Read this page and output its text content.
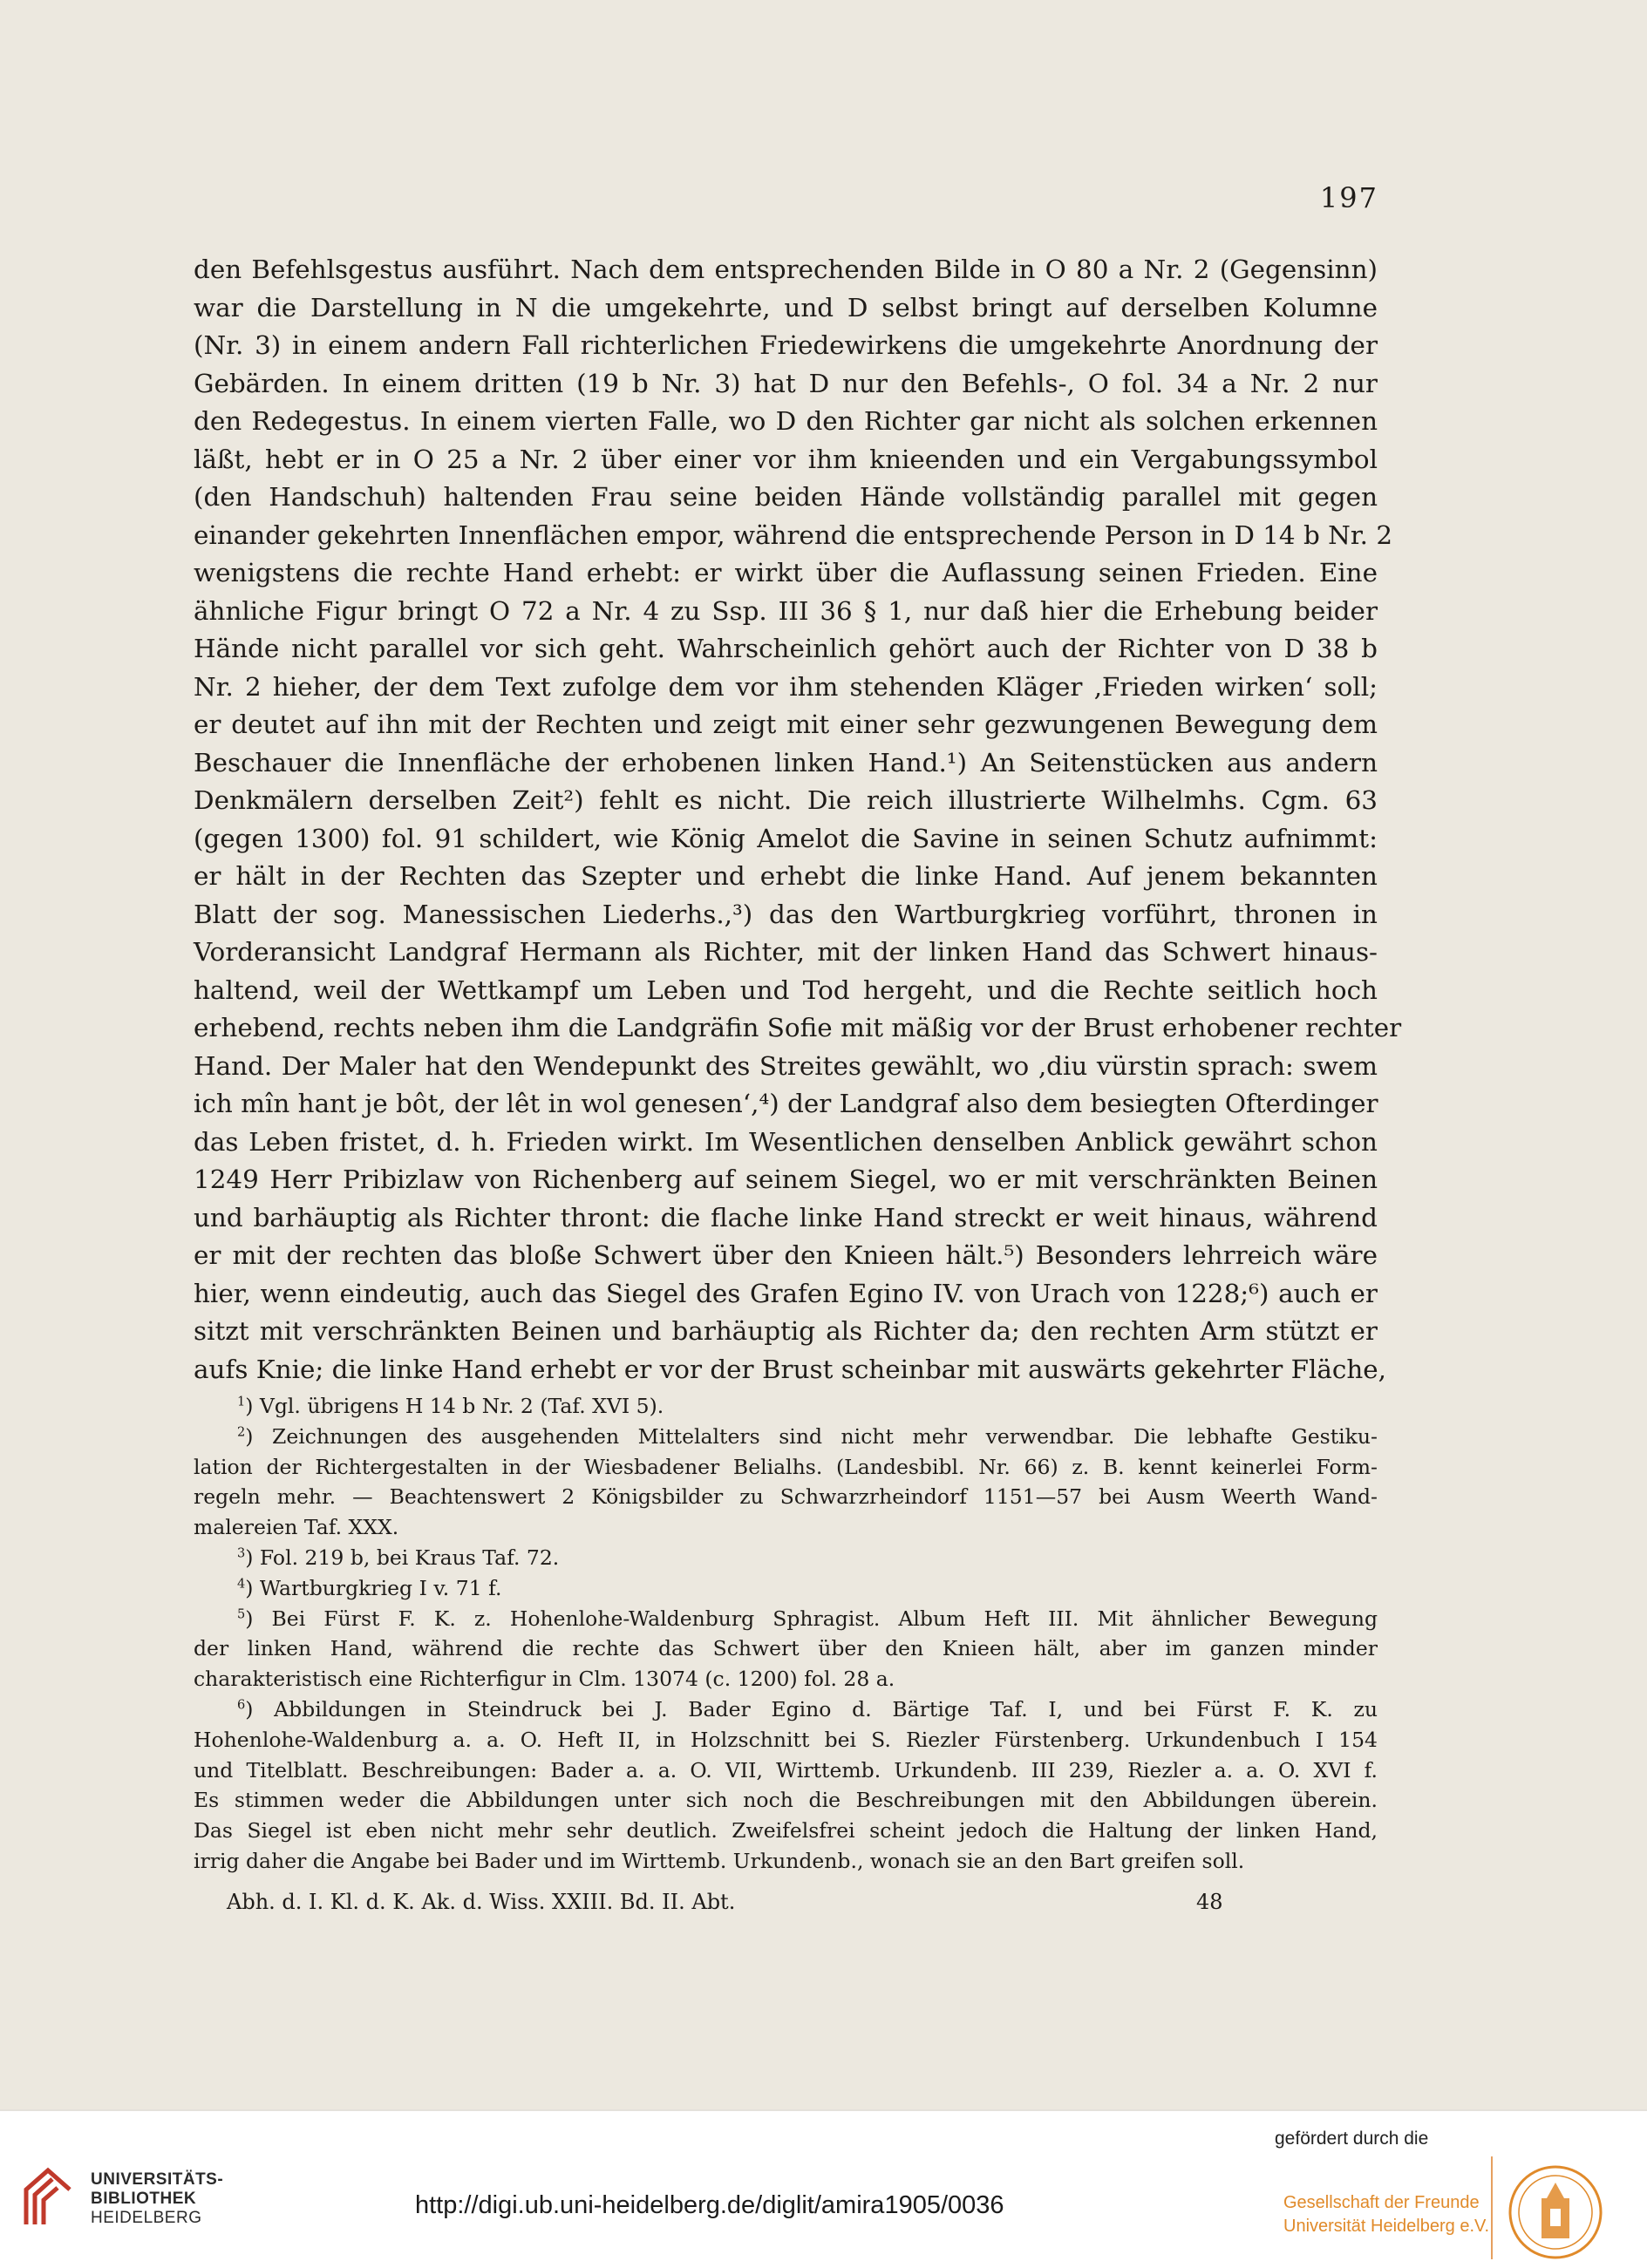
197
den Befehlsgestus ausführt. Nach dem entsprechenden Bilde in O 80 a Nr. 2 (Gegensinn)
war die Darstellung in N die umgekehrte, und D selbst bringt auf derselben Kolumne
(Nr. 3) in einem andern Fall richterlichen Friedewirkens die umgekehrte Anordnung der
Gebärden. In einem dritten (19 b Nr. 3) hat D nur den Befehls-, O fol. 34 a Nr. 2 nur
den Redegestus. In einem vierten Falle, wo D den Richter gar nicht als solchen erkennen
läßt, hebt er in O 25 a Nr. 2 über einer vor ihm knieenden und ein Vergabungssymbol
(den Handschuh) haltenden Frau seine beiden Hände vollständig parallel mit gegen
einander gekehrten Innenflächen empor, während die entsprechende Person in D 14 b Nr. 2
wenigstens die rechte Hand erhebt: er wirkt über die Auflassung seinen Frieden. Eine
ähnliche Figur bringt O 72 a Nr. 4 zu Ssp. III 36 § 1, nur daß hier die Erhebung beider
Hände nicht parallel vor sich geht. Wahrscheinlich gehört auch der Richter von D 38 b
Nr. 2 hieher, der dem Text zufolge dem vor ihm stehenden Kläger ‚Frieden wirken‘ soll;
er deutet auf ihn mit der Rechten und zeigt mit einer sehr gezwungenen Bewegung dem
Beschauer die Innenfläche der erhobenen linken Hand.¹) An Seitenstücken aus andern
Denkmälern derselben Zeit²) fehlt es nicht. Die reich illustrierte Wilhelmhs. Cgm. 63
(gegen 1300) fol. 91 schildert, wie König Amelot die Savine in seinen Schutz aufnimmt:
er hält in der Rechten das Szepter und erhebt die linke Hand. Auf jenem bekannten
Blatt der sog. Manessischen Liederhs.,³) das den Wartburgkrieg vorführt, thronen in
Vorderansicht Landgraf Hermann als Richter, mit der linken Hand das Schwert hinaus-
haltend, weil der Wettkampf um Leben und Tod hergeht, und die Rechte seitlich hoch
erhebend, rechts neben ihm die Landgräfin Sofie mit mäßig vor der Brust erhobener rechter
Hand. Der Maler hat den Wendepunkt des Streites gewählt, wo ‚diu vürstin sprach: swem
ich mîn hant je bôt, der lêt in wol genesen‘,⁴) der Landgraf also dem besiegten Ofterdinger
das Leben fristet, d. h. Frieden wirkt. Im Wesentlichen denselben Anblick gewährt schon
1249 Herr Pribizlaw von Richenberg auf seinem Siegel, wo er mit verschränkten Beinen
und barhäuptig als Richter thront: die flache linke Hand streckt er weit hinaus, während
er mit der rechten das bloße Schwert über den Knieen hält.⁵) Besonders lehrreich wäre
hier, wenn eindeutig, auch das Siegel des Grafen Egino IV. von Urach von 1228;⁶) auch er
sitzt mit verschränkten Beinen und barhäuptig als Richter da; den rechten Arm stützt er
aufs Knie; die linke Hand erhebt er vor der Brust scheinbar mit auswärts gekehrter Fläche,
$^1$) Vgl. übrigens H 14 b Nr. 2 (Taf. XVI 5).
$^2$) Zeichnungen des ausgehenden Mittelalters sind nicht mehr verwendbar. Die lebhafte Gestiku-
lation der Richtergestalten in der Wiesbadener Belialhs. (Landesbibl. Nr. 66) z. B. kennt keinerlei Form-
regeln mehr. — Beachtenswert 2 Königsbilder zu Schwarzrheindorf 1151—57 bei Ausm Weerth Wand-
malereien Taf. XXX.
$^3$) Fol. 219 b, bei Kraus Taf. 72.
$^4$) Wartburgkrieg I v. 71 f.
$^5$) Bei Fürst F. K. z. Hohenlohe-Waldenburg Sphragist. Album Heft III. Mit ähnlicher Bewegung
der linken Hand, während die rechte das Schwert über den Knieen hält, aber im ganzen minder
charakteristisch eine Richterfigur in Clm. 13074 (c. 1200) fol. 28 a.
$^6$) Abbildungen in Steindruck bei J. Bader Egino d. Bärtige Taf. I, und bei Fürst F. K. zu
Hohenlohe-Waldenburg a. a. O. Heft II, in Holzschnitt bei S. Riezler Fürstenberg. Urkundenbuch I 154
und Titelblatt. Beschreibungen: Bader a. a. O. VII, Wirttemb. Urkundenb. III 239, Riezler a. a. O. XVI f.
Es stimmen weder die Abbildungen unter sich noch die Beschreibungen mit den Abbildungen überein.
Das Siegel ist eben nicht mehr sehr deutlich. Zweifelsfrei scheint jedoch die Haltung der linken Hand,
irrig daher die Angabe bei Bader und im Wirttemb. Urkundenb., wonach sie an den Bart greifen soll.
Abh. d. I. Kl. d. K. Ak. d. Wiss. XXIII. Bd. II. Abt.	48
UNIVERSITÄTS-
BIBLIOTHEK
HEIDELBERG	http://digi.ub.uni-heidelberg.de/diglit/amira1905/0036
gefördert durch die
Gesellschaft der Freunde
Universität Heidelberg e.V.
